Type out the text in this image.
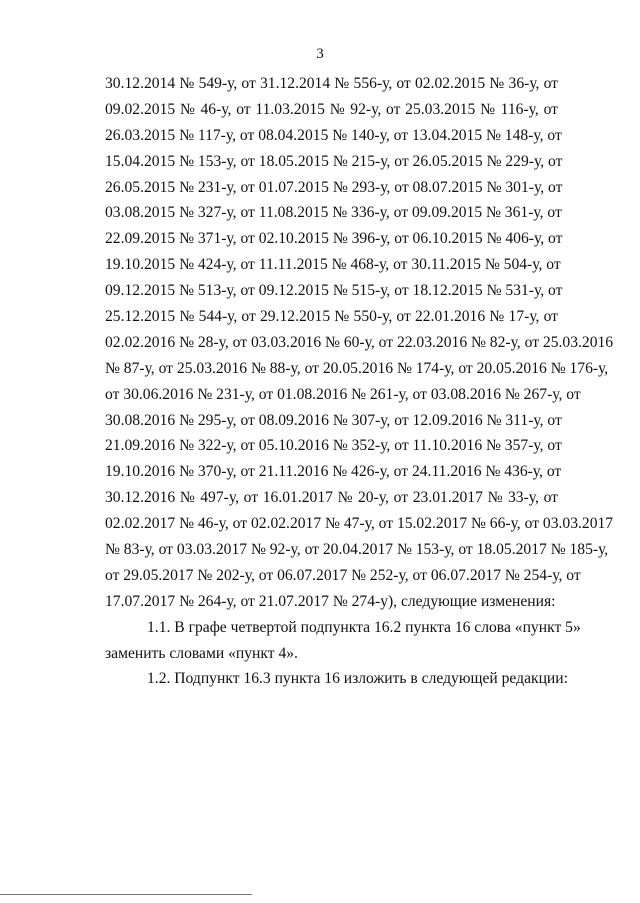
3
30.12.2014 № 549-у, от 31.12.2014 № 556-у, от 02.02.2015 № 36-у, от
09.02.2015 № 46-у, от 11.03.2015 № 92-у, от 25.03.2015 № 116-у, от
26.03.2015 № 117-у, от 08.04.2015 № 140-у, от 13.04.2015 № 148-у, от
15.04.2015 № 153-у, от 18.05.2015 № 215-у, от 26.05.2015 № 229-у, от
26.05.2015 № 231-у, от 01.07.2015 № 293-у, от 08.07.2015 № 301-у, от
03.08.2015 № 327-у, от 11.08.2015 № 336-у, от 09.09.2015 № 361-у, от
22.09.2015 № 371-у, от 02.10.2015 № 396-у, от 06.10.2015 № 406-у, от
19.10.2015 № 424-у, от 11.11.2015 № 468-у, от 30.11.2015 № 504-у, от
09.12.2015 № 513-у, от 09.12.2015 № 515-у, от 18.12.2015 № 531-у, от
25.12.2015 № 544-у, от 29.12.2015 № 550-у, от 22.01.2016 № 17-у, от
02.02.2016 № 28-у, от 03.03.2016 № 60-у, от 22.03.2016 № 82-у, от 25.03.2016
№ 87-у, от 25.03.2016 № 88-у, от 20.05.2016 № 174-у, от 20.05.2016 № 176-у,
от 30.06.2016 № 231-у, от 01.08.2016 № 261-у, от 03.08.2016 № 267-у, от
30.08.2016 № 295-у, от 08.09.2016 № 307-у, от 12.09.2016 № 311-у, от
21.09.2016 № 322-у, от 05.10.2016 № 352-у, от 11.10.2016 № 357-у, от
19.10.2016 № 370-у, от 21.11.2016 № 426-у, от 24.11.2016 № 436-у, от
30.12.2016 № 497-у, от 16.01.2017 № 20-у, от 23.01.2017 № 33-у, от
02.02.2017 № 46-у, от 02.02.2017 № 47-у, от 15.02.2017 № 66-у, от 03.03.2017
№ 83-у, от 03.03.2017 № 92-у, от 20.04.2017 № 153-у, от 18.05.2017 № 185-у,
от 29.05.2017 № 202-у, от 06.07.2017 № 252-у, от 06.07.2017 № 254-у, от
17.07.2017 № 264-у, от 21.07.2017 № 274-у), следующие изменения:
1.1. В графе четвертой подпункта 16.2 пункта 16 слова «пункт 5»
заменить словами «пункт 4».
1.2. Подпункт 16.3 пункта 16 изложить в следующей редакции:
